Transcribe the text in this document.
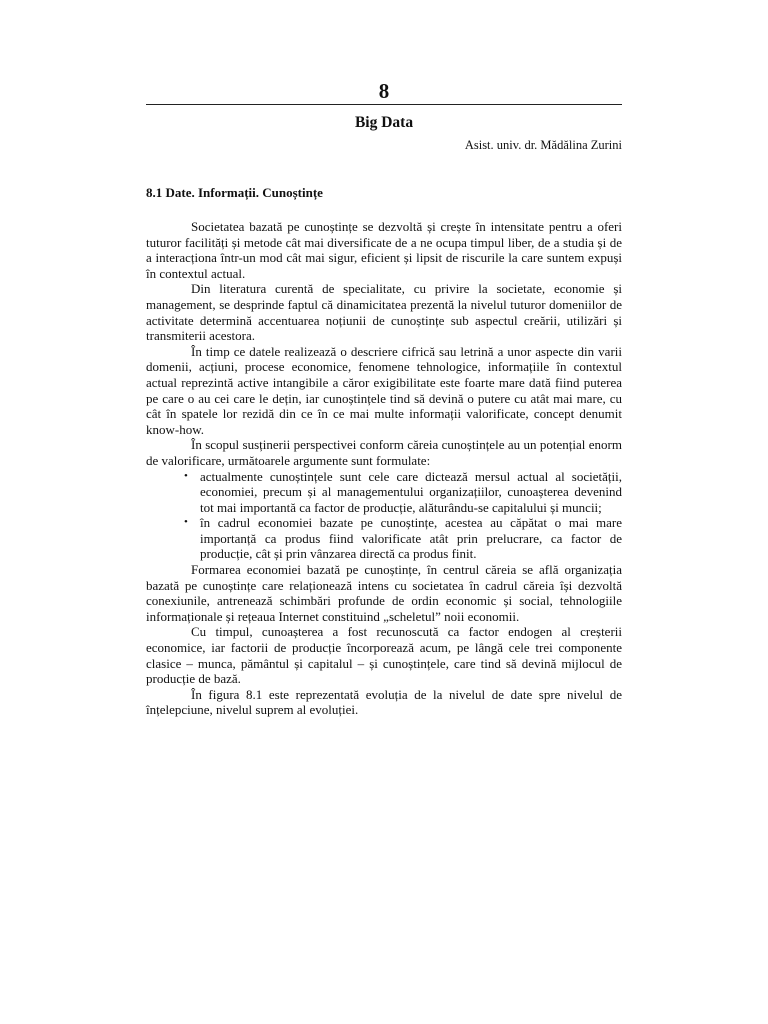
8
Big Data

Asist. univ. dr. Mădălina Zurini

8.1 Date. Informații. Cunoștințe

Societatea bazată pe cunoștințe se dezvoltă și crește în intensitate pentru a oferi tuturor facilități și metode cât mai diversificate de a ne ocupa timpul liber, de a studia și de a interacționa într-un mod cât mai sigur, eficient și lipsit de riscurile la care suntem expuși în contextul actual.

Din literatura curentă de specialitate, cu privire la societate, economie și management, se desprinde faptul că dinamicitatea prezentă la nivelul tuturor domeniilor de activitate determină accentuarea noțiunii de cunoștințe sub aspectul creării, utilizări și transmiterii acestora.

În timp ce datele realizează o descriere cifrică sau letrină a unor aspecte din varii domenii, acțiuni, procese economice, fenomene tehnologice, informațiile în contextul actual reprezintă active intangibile a căror exigibilitate este foarte mare dată fiind puterea pe care o au cei care le dețin, iar cunoștințele tind să devină o putere cu atât mai mare, cu cât în spatele lor rezidă din ce în ce mai multe informații valorificate, concept denumit know-how.

În scopul susținerii perspectivei conform căreia cunoștințele au un potențial enorm de valorificare, următoarele argumente sunt formulate:

• actualmente cunoștințele sunt cele care dictează mersul actual al societății, economiei, precum și al managementului organizațiilor, cunoașterea devenind tot mai importantă ca factor de producție, alăturându-se capitalului și muncii;
• în cadrul economiei bazate pe cunoștințe, acestea au căpătat o mai mare importanță ca produs fiind valorificate atât prin prelucrare, ca factor de producție, cât și prin vânzarea directă ca produs finit.

Formarea economiei bazată pe cunoștințe, în centrul căreia se află organizația bazată pe cunoștințe care relaționează intens cu societatea în cadrul căreia își dezvoltă conexiunile, antrenează schimbări profunde de ordin economic și social, tehnologiile informaționale și rețeaua Internet constituind „scheletul” noii economii.

Cu timpul, cunoașterea a fost recunoscută ca factor endogen al creșterii economice, iar factorii de producție încorporează acum, pe lângă cele trei componente clasice – munca, pământul și capitalul – și cunoștințele, care tind să devină mijlocul de producție de bază.

În figura 8.1 este reprezentată evoluția de la nivelul de date spre nivelul de înțelepciune, nivelul suprem al evoluției.
